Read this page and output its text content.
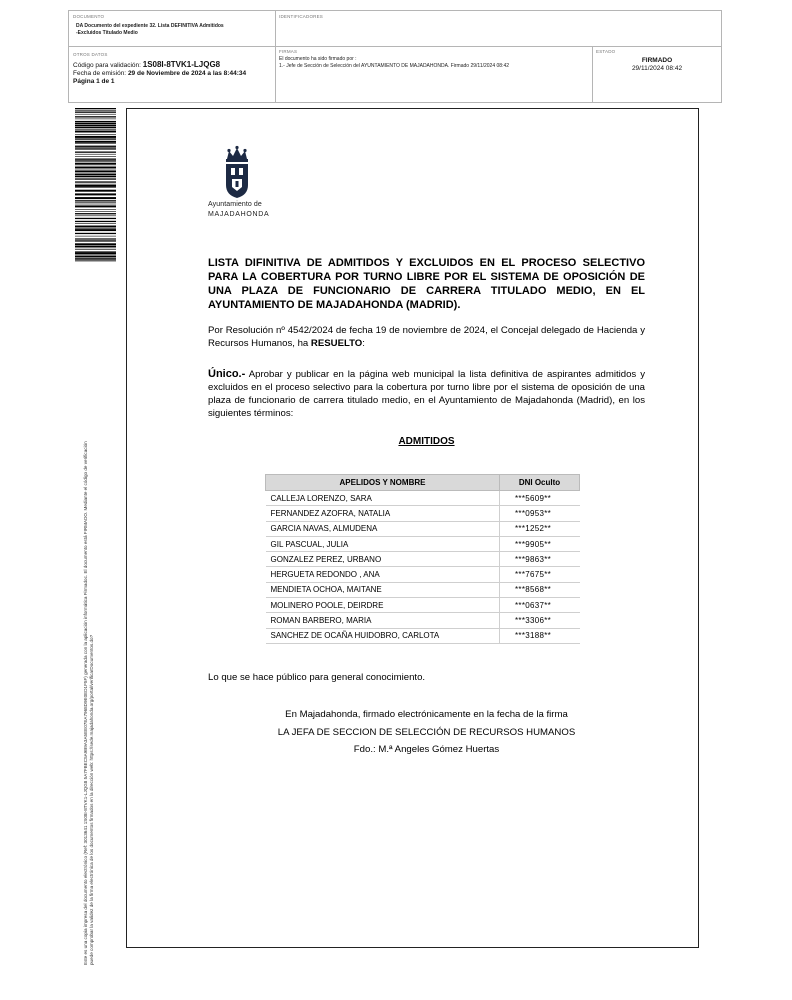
DOCUMENTO
DA Documento del expediente 32. Lista DEFINITIVA Admitidos
-Excluidos Titulado Medio
IDENTIFICADORES
OTROS DATOS
Código para validación: 1S08I-8TVK1-LJQG8
Fecha de emisión: 29 de Noviembre de 2024 a las 8:44:34
Página 1 de 1
FIRMAS
El documento ha sido firmado por :
1.- Jefe de Sección de Selección del AYUNTAMIENTO DE MAJADAHONDA. Firmado 29/11/2024 08:42
ESTADO
FIRMADO
29/11/2024 08:42
Este es una copia impresa del documento electrónico (Ref: 3013641 1S08I-8TVK1-LJQG8 5A7FBEC5A9B9A3A5EE07EA7968D9E0ED1F5F) generada con la aplicación informática Firmadoc. El documento está FIRMADO. Mediante el código de verificación puede comprobar la validez de la firma electrónica de los documentos firmados en la dirección web: https://sede.majadahonda.org/portal/verificarDocumentos.do?
Ayuntamiento de
MAJADAHONDA
LISTA DIFINITIVA DE ADMITIDOS Y EXCLUIDOS EN EL PROCESO SELECTIVO PARA LA COBERTURA POR TURNO LIBRE POR EL SISTEMA DE OPOSICIÓN DE UNA PLAZA DE FUNCIONARIO DE CARRERA TITULADO MEDIO, EN EL AYUNTAMIENTO DE MAJADAHONDA (MADRID).
Por Resolución nº 4542/2024 de fecha 19 de noviembre de 2024, el Concejal delegado de Hacienda y Recursos Humanos, ha RESUELTO:
Único.- Aprobar y publicar en la página web municipal la lista definitiva de aspirantes admitidos y excluidos en el proceso selectivo para la cobertura por turno libre por el sistema de oposición de una plaza de funcionario de carrera titulado medio, en el Ayuntamiento de Majadahonda (Madrid), en los siguientes términos:
ADMITIDOS
APELIDOS Y NOMBRE	DNI Oculto
CALLEJA LORENZO, SARA	***5609**
FERNANDEZ AZOFRA, NATALIA	***0953**
GARCIA NAVAS, ALMUDENA	***1252**
GIL PASCUAL, JULIA	***9905**
GONZALEZ PEREZ, URBANO	***9863**
HERGUETA REDONDO , ANA	***7675**
MENDIETA OCHOA, MAITANE	***8568**
MOLINERO POOLE, DEIRDRE	***0637**
ROMAN BARBERO, MARIA	***3306**
SANCHEZ DE OCAÑA HUIDOBRO, CARLOTA	***3188**
Lo que se hace público para general conocimiento.
En Majadahonda, firmado electrónicamente en la fecha de la firma
LA JEFA DE SECCION DE SELECCIÓN DE RECURSOS HUMANOS
Fdo.: M.ª Angeles Gómez Huertas
